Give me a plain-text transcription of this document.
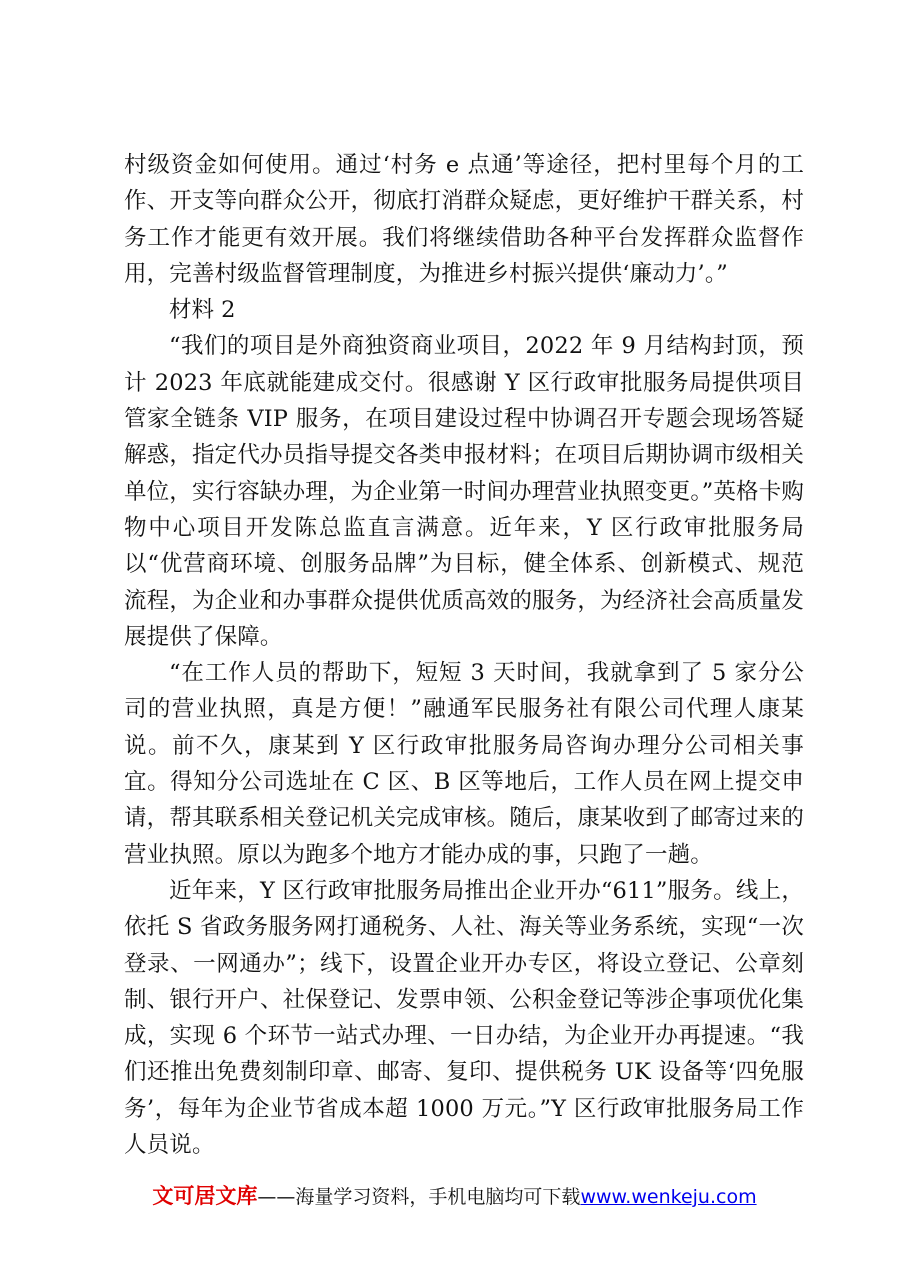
村级资金如何使用。通过‘村务 e 点通’等途径，把村里每个月的工作、开支等向群众公开，彻底打消群众疑虑，更好维护干群关系，村务工作才能更有效开展。我们将继续借助各种平台发挥群众监督作用，完善村级监督管理制度，为推进乡村振兴提供‘廉动力’。”

材料 2

“我们的项目是外商独资商业项目，2022 年 9 月结构封顶，预计 2023 年底就能建成交付。很感谢 Y 区行政审批服务局提供项目管家全链条 VIP 服务，在项目建设过程中协调召开专题会现场答疑解惑，指定代办员指导提交各类申报材料；在项目后期协调市级相关单位，实行容缺办理，为企业第一时间办理营业执照变更。”英格卡购物中心项目开发陈总监直言满意。近年来，Y 区行政审批服务局以“优营商环境、创服务品牌”为目标，健全体系、创新模式、规范流程，为企业和办事群众提供优质高效的服务，为经济社会高质量发展提供了保障。

“在工作人员的帮助下，短短 3 天时间，我就拿到了 5 家分公司的营业执照，真是方便！”融通军民服务社有限公司代理人康某说。前不久，康某到 Y 区行政审批服务局咨询办理分公司相关事宜。得知分公司选址在 C 区、B 区等地后，工作人员在网上提交申请，帮其联系相关登记机关完成审核。随后，康某收到了邮寄过来的营业执照。原以为跑多个地方才能办成的事，只跑了一趟。

近年来，Y 区行政审批服务局推出企业开办“611”服务。线上，依托 S 省政务服务网打通税务、人社、海关等业务系统，实现“一次登录、一网通办”；线下，设置企业开办专区，将设立登记、公章刻制、银行开户、社保登记、发票申领、公积金登记等涉企事项优化集成，实现 6 个环节一站式办理、一日办结，为企业开办再提速。“我们还推出免费刻制印章、邮寄、复印、提供税务 UK 设备等‘四免服务’，每年为企业节省成本超 1000 万元。”Y 区行政审批服务局工作人员说。

文可居文库——海量学习资料，手机电脑均可下载www.wenkeju.com
